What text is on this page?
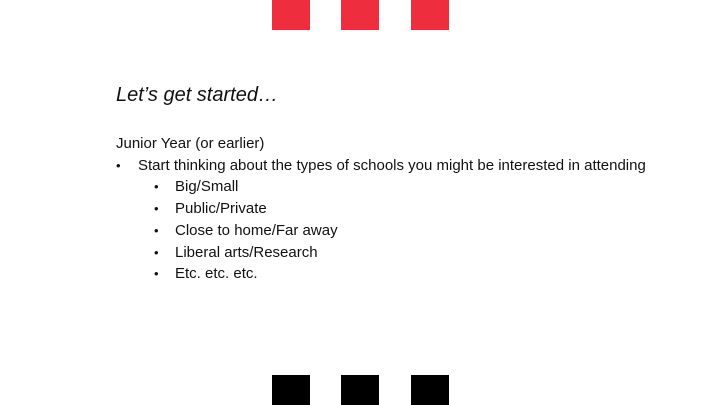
Let’s get started…
Junior Year (or earlier)
•	Start thinking about the types of schools you might be interested in attending
•	Big/Small
•	Public/Private
•	Close to home/Far away
•	Liberal arts/Research
•	Etc. etc. etc.
